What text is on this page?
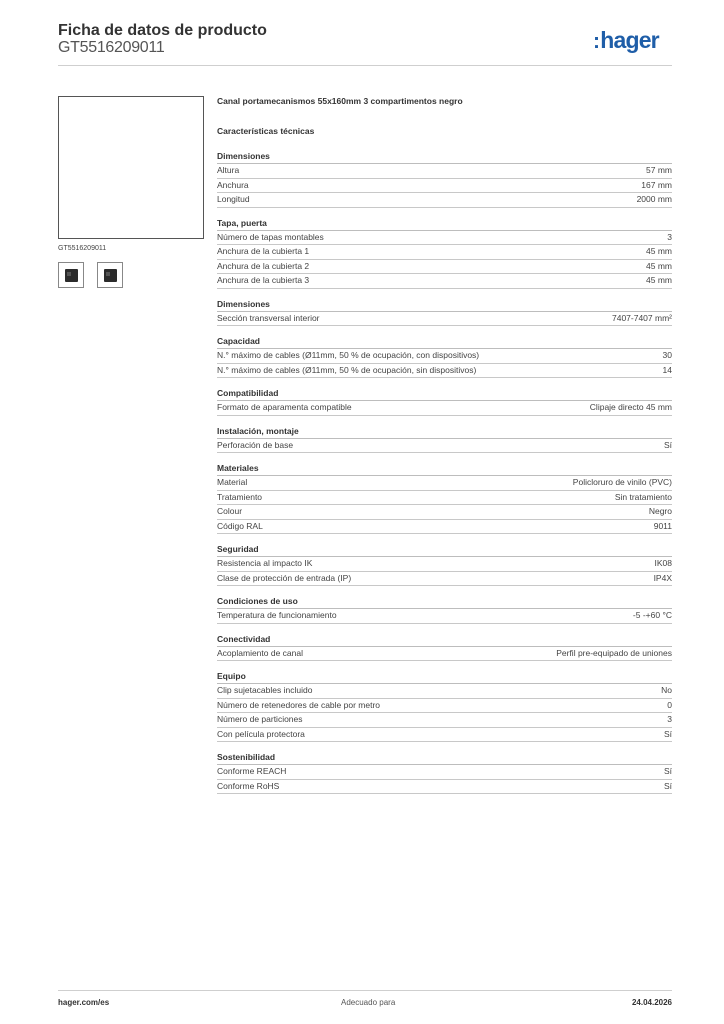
Ficha de datos de producto
GT5516209011	:hager
GT5516209011
Canal portamecanismos 55x160mm 3 compartimentos negro
Características técnicas
Dimensiones
Altura	57 mm
Anchura	167 mm
Longitud	2000 mm
Tapa, puerta
Número de tapas montables	3
Anchura de la cubierta 1	45 mm
Anchura de la cubierta 2	45 mm
Anchura de la cubierta 3	45 mm
Dimensiones
Sección transversal interior	7407-7407 mm²
Capacidad
N.° máximo de cables (Ø11mm, 50 % de ocupación, con dispositivos)	30
N.° máximo de cables (Ø11mm, 50 % de ocupación, sin dispositivos)	14
Compatibilidad
Formato de aparamenta compatible	Clipaje directo 45 mm
Instalación, montaje
Perforación de base	Sí
Materiales
Material	Policloruro de vinilo (PVC)
Tratamiento	Sin tratamiento
Colour	Negro
Código RAL	9011
Seguridad
Resistencia al impacto IK	IK08
Clase de protección de entrada (IP)	IP4X
Condiciones de uso
Temperatura de funcionamiento	-5 -+60 °C
Conectividad
Acoplamiento de canal	Perfil pre-equipado de uniones
Equipo
Clip sujetacables incluido	No
Número de retenedores de cable por metro	0
Número de particiones	3
Con película protectora	Sí
Sostenibilidad
Conforme REACH	Sí
Conforme RoHS	Sí
hager.com/es	Adecuado para	24.04.2026
